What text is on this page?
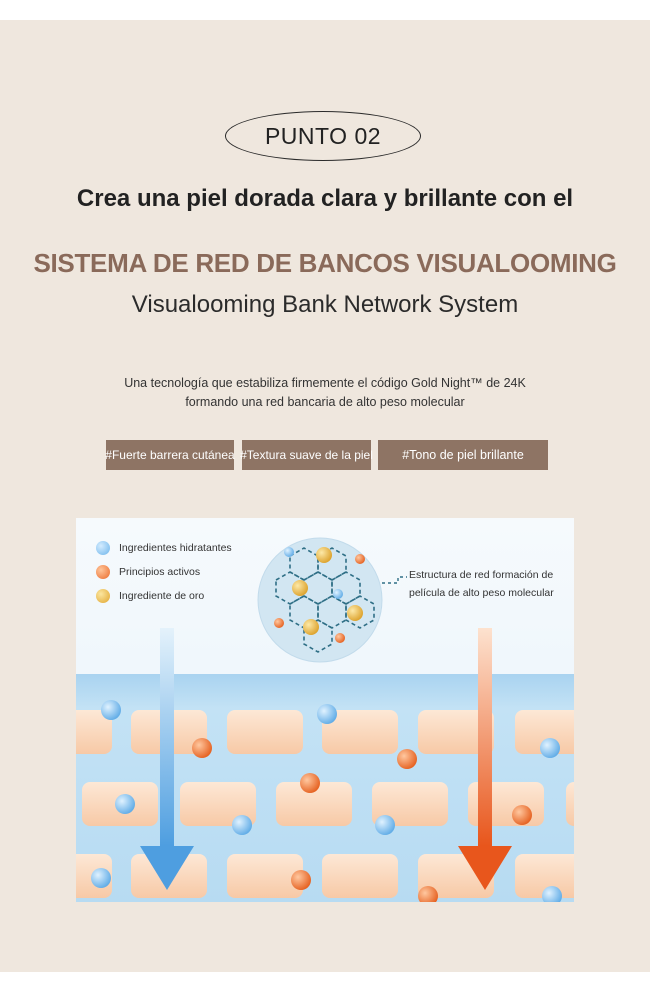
PUNTO 02
Crea una piel dorada clara y brillante con el
SISTEMA DE RED DE BANCOS VISUALOOMING
Visualooming Bank Network System
Una tecnología que estabiliza firmemente el código Gold Night™ de 24K
formando una red bancaria de alto peso molecular
#Fuerte barrera cutánea #Textura suave de la piel	#Tono de piel brillante
Ingredientes hidratantes
Principios activos
Ingrediente de oro
Estructura de red formación de
película de alto peso molecular
